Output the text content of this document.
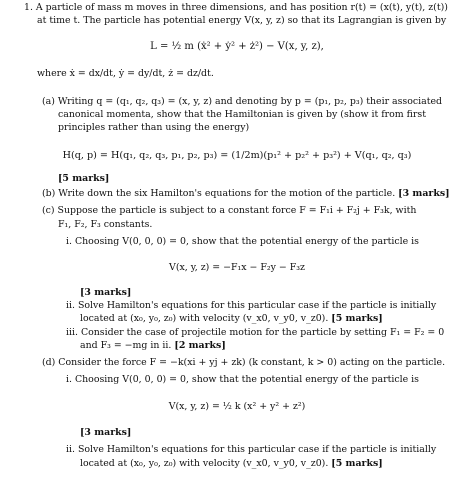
1. A particle of mass m moves in three dimensions, and has position r(t) = (x(t), y(t), z(t))
at time t. The particle has potential energy V(x, y, z) so that its Lagrangian is given by
L = ½ m (ẋ² + ẏ² + ż²) − V(x, y, z),
where ẋ = dx/dt, ẏ = dy/dt, ż = dz/dt.
(a) Writing q = (q₁, q₂, q₃) = (x, y, z) and denoting by p = (p₁, p₂, p₃) their associated
canonical momenta, show that the Hamiltonian is given by (show it from first
principles rather than using the energy)
H(q, p) = H(q₁, q₂, q₃, p₁, p₂, p₃) = (1/2m)(p₁² + p₂² + p₃²) + V(q₁, q₂, q₃)
[5 marks]
(b) Write down the six Hamilton's equations for the motion of the particle. [3 marks]
(c) Suppose the particle is subject to a constant force F = F₁i + F₂j + F₃k, with
F₁, F₂, F₃ constants.
i. Choosing V(0, 0, 0) = 0, show that the potential energy of the particle is
V(x, y, z) = −F₁x − F₂y − F₃z
[3 marks]
ii. Solve Hamilton's equations for this particular case if the particle is initially
located at (x₀, y₀, z₀) with velocity (v_x0, v_y0, v_z0). [5 marks]
iii. Consider the case of projectile motion for the particle by setting F₁ = F₂ = 0
and F₃ = −mg in ii. [2 marks]
(d) Consider the force F = −k(xi + yj + zk) (k constant, k > 0) acting on the particle.
i. Choosing V(0, 0, 0) = 0, show that the potential energy of the particle is
V(x, y, z) = ½ k (x² + y² + z²)
[3 marks]
ii. Solve Hamilton's equations for this particular case if the particle is initially
located at (x₀, y₀, z₀) with velocity (v_x0, v_y0, v_z0). [5 marks]
